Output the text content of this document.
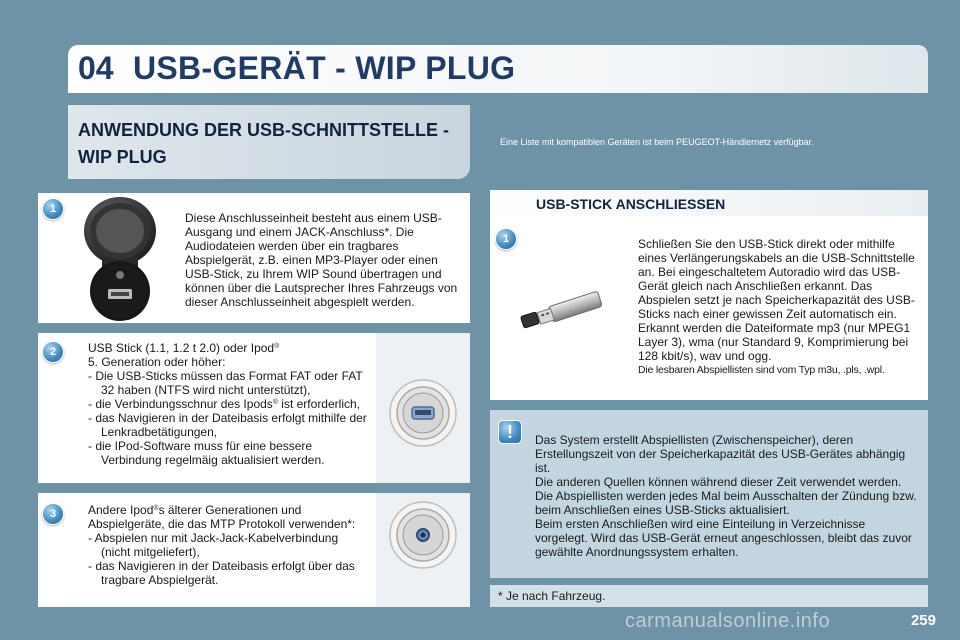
04 USB-GERÄT - WIP PLUG
ANWENDUNG DER USB-SCHNITTSTELLE - WIP PLUG
Eine Liste mit kompatiblen Geräten ist beim PEUGEOT-Händlernetz verfügbar.
1
Diese Anschlusseinheit besteht aus einem USB-Ausgang und einem JACK-Anschluss*. Die Audiodateien werden über ein tragbares Abspielgerät, z.B. einen MP3-Player oder einen USB-Stick, zu Ihrem WIP Sound übertragen und können über die Lautsprecher Ihres Fahrzeugs von dieser Anschlusseinheit abgespielt werden.
2	USB Stick (1.1, 1.2 t 2.0) oder Ipod®
5. Generation oder höher:
- Die USB-Sticks müssen das Format FAT oder FAT 32 haben (NTFS wird nicht unterstützt),
- die Verbindungsschnur des Ipods® ist erforderlich,
- das Navigieren in der Dateibasis erfolgt mithilfe der Lenkradbetätigungen,
- die IPod-Software muss für eine bessere Verbindung regelmäig aktualisiert werden.
3	Andere Ipod®s älterer Generationen und Abspielgeräte, die das MTP Protokoll verwenden*:
- Abspielen nur mit Jack-Jack-Kabelverbindung (nicht mitgeliefert),
- das Navigieren in der Dateibasis erfolgt über das tragbare Abspielgerät.
USB-STICK ANSCHLIESSEN
1	Schließen Sie den USB-Stick direkt oder mithilfe eines Verlängerungskabels an die USB-Schnittstelle an. Bei eingeschaltetem Autoradio wird das USB-Gerät gleich nach Anschließen erkannt. Das Abspielen setzt je nach Speicherkapazität des USB-Sticks nach einer gewissen Zeit automatisch ein.
Erkannt werden die Dateiformate mp3 (nur MPEG1 Layer 3), wma (nur Standard 9, Komprimierung bei 128 kbit/s), wav und ogg.
Die lesbaren Abspiellisten sind vom Typ m3u, .pls, .wpl.
!	Das System erstellt Abspiellisten (Zwischenspeicher), deren Erstellungszeit von der Speicherkapazität des USB-Gerätes abhängig ist.
Die anderen Quellen können während dieser Zeit verwendet werden.
Die Abspiellisten werden jedes Mal beim Ausschalten der Zündung bzw. beim Anschließen eines USB-Sticks aktualisiert.
Beim ersten Anschließen wird eine Einteilung in Verzeichnisse vorgelegt. Wird das USB-Gerät erneut angeschlossen, bleibt das zuvor gewählte Anordnungssystem erhalten.
* Je nach Fahrzeug.
carmanualsonline.info	259
